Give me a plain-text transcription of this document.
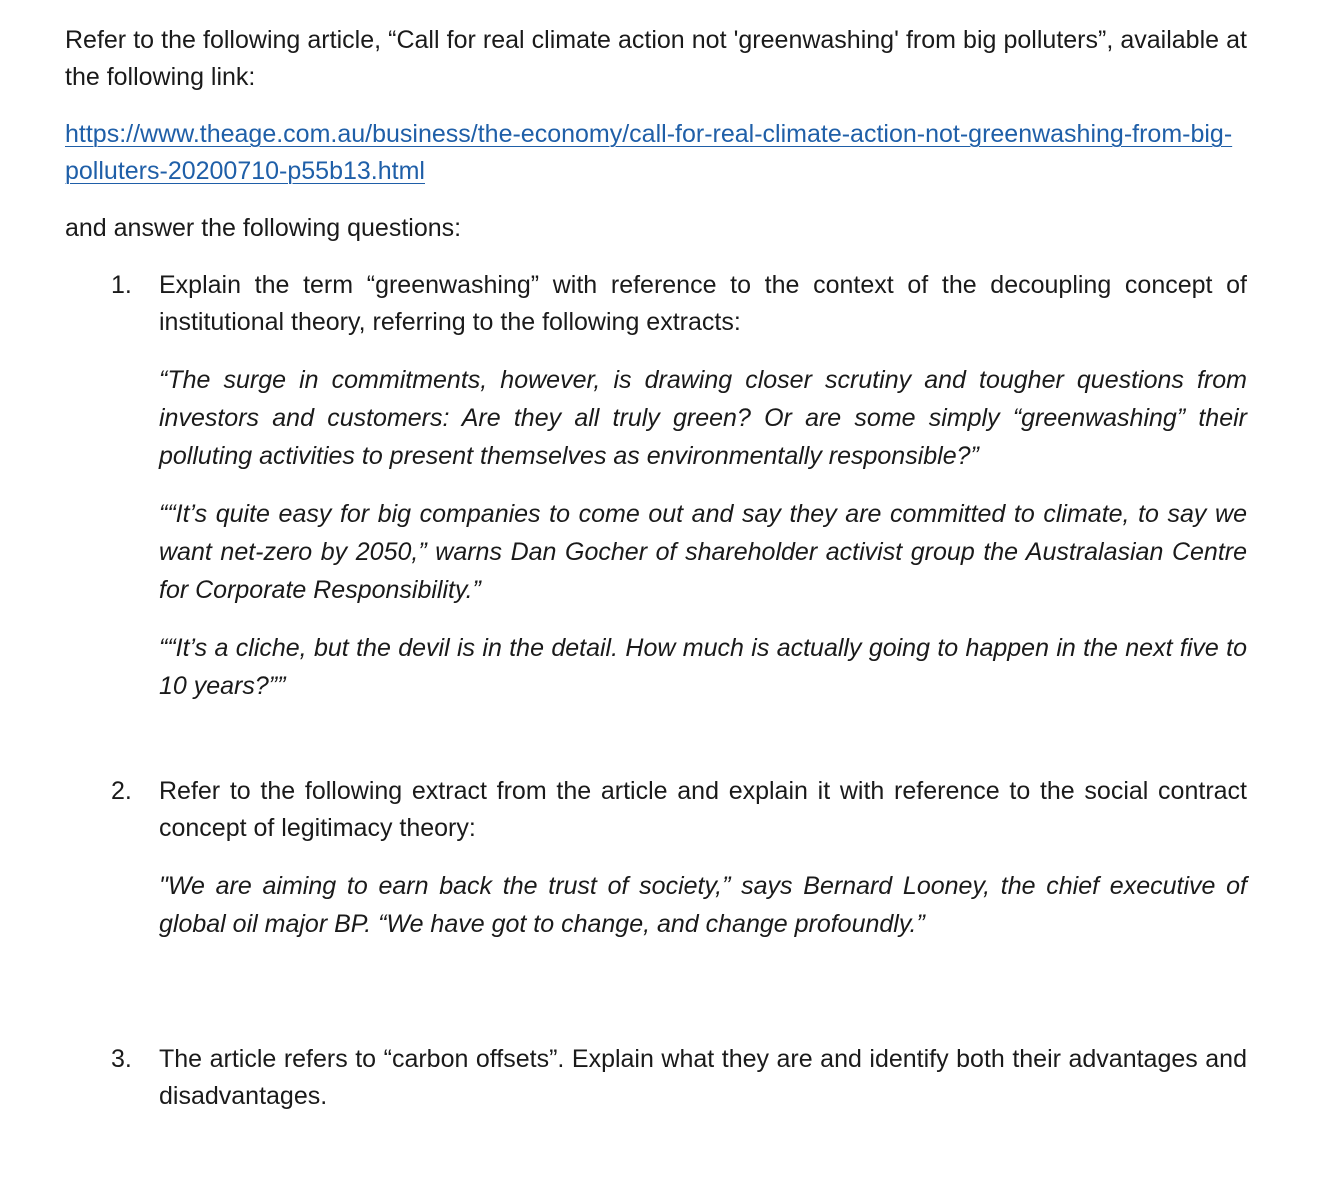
Refer to the following article, “Call for real climate action not 'greenwashing' from big polluters”, available at the following link:

https://www.theage.com.au/business/the-economy/call-for-real-climate-action-not-greenwashing-from-big-polluters-20200710-p55b13.html

and answer the following questions:

1. Explain the term “greenwashing” with reference to the context of the decoupling concept of institutional theory, referring to the following extracts:

“The surge in commitments, however, is drawing closer scrutiny and tougher questions from investors and customers: Are they all truly green? Or are some simply “greenwashing” their polluting activities to present themselves as environmentally responsible?”

““It’s quite easy for big companies to come out and say they are committed to climate, to say we want net-zero by 2050,” warns Dan Gocher of shareholder activist group the Australasian Centre for Corporate Responsibility.”

““It’s a cliche, but the devil is in the detail. How much is actually going to happen in the next five to 10 years?””

2. Refer to the following extract from the article and explain it with reference to the social contract concept of legitimacy theory:

"We are aiming to earn back the trust of society,” says Bernard Looney, the chief executive of global oil major BP. “We have got to change, and change profoundly.”

3. The article refers to “carbon offsets”. Explain what they are and identify both their advantages and disadvantages.
